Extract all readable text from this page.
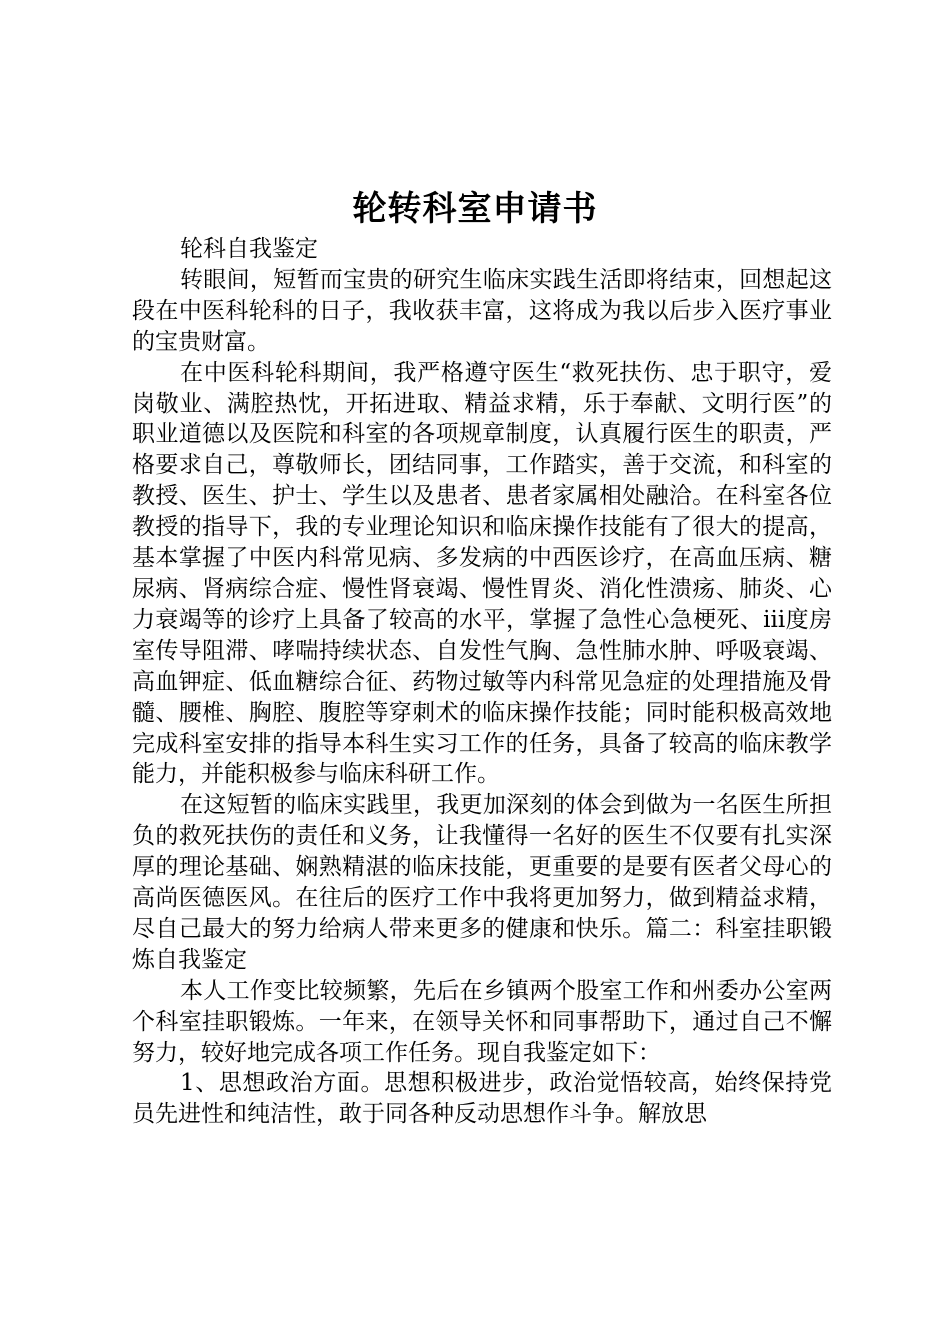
轮转科室申请书

轮科自我鉴定

转眼间，短暂而宝贵的研究生临床实践生活即将结束，回想起这段在中医科轮科的日子，我收获丰富，这将成为我以后步入医疗事业的宝贵财富。

在中医科轮科期间，我严格遵守医生“救死扶伤、忠于职守，爱岗敬业、满腔热忱，开拓进取、精益求精，乐于奉献、文明行医”的职业道德以及医院和科室的各项规章制度，认真履行医生的职责，严格要求自己，尊敬师长，团结同事，工作踏实，善于交流，和科室的教授、医生、护士、学生以及患者、患者家属相处融洽。在科室各位教授的指导下，我的专业理论知识和临床操作技能有了很大的提高，基本掌握了中医内科常见病、多发病的中西医诊疗，在高血压病、糖尿病、肾病综合症、慢性肾衰竭、慢性胃炎、消化性溃疡、肺炎、心力衰竭等的诊疗上具备了较高的水平，掌握了急性心急梗死、iii度房室传导阻滞、哮喘持续状态、自发性气胸、急性肺水肿、呼吸衰竭、高血钾症、低血糖综合征、药物过敏等内科常见急症的处理措施及骨髓、腰椎、胸腔、腹腔等穿刺术的临床操作技能；同时能积极高效地完成科室安排的指导本科生实习工作的任务，具备了较高的临床教学能力，并能积极参与临床科研工作。

在这短暂的临床实践里，我更加深刻的体会到做为一名医生所担负的救死扶伤的责任和义务，让我懂得一名好的医生不仅要有扎实深厚的理论基础、娴熟精湛的临床技能，更重要的是要有医者父母心的高尚医德医风。在往后的医疗工作中我将更加努力，做到精益求精，尽自己最大的努力给病人带来更多的健康和快乐。篇二：科室挂职锻炼自我鉴定

本人工作变比较频繁，先后在乡镇两个股室工作和州委办公室两个科室挂职锻炼。一年来，在领导关怀和同事帮助下，通过自己不懈努力，较好地完成各项工作任务。现自我鉴定如下：

1、思想政治方面。思想积极进步，政治觉悟较高，始终保持党员先进性和纯洁性，敢于同各种反动思想作斗争。解放思
